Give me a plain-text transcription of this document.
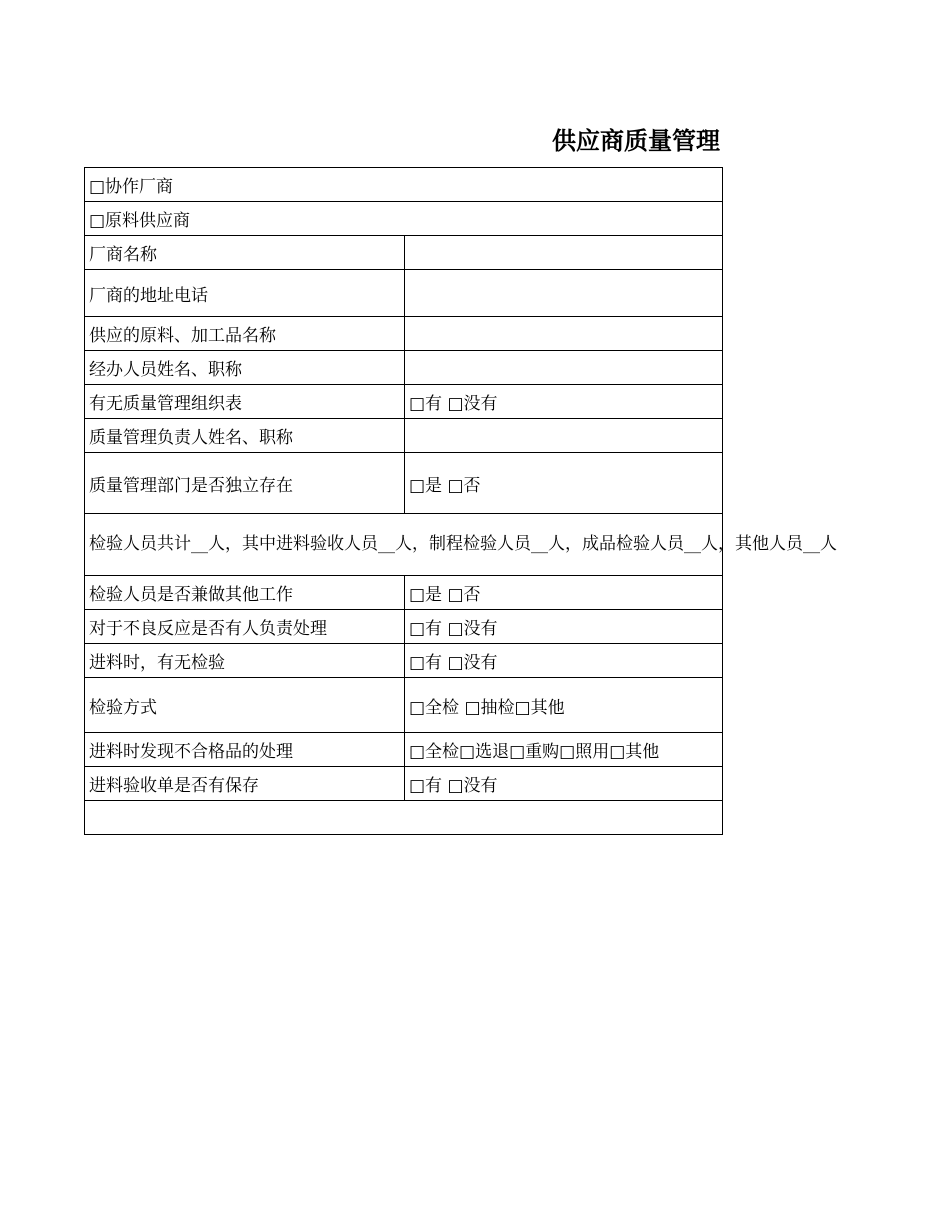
供应商质量管理
□协作厂商	
□原料供应商	
厂商名称	
厂商的地址电话	
供应的原料、加工品名称	
经办人员姓名、职称	
有无质量管理组织表	□有 □没有
质量管理负责人姓名、职称	
质量管理部门是否独立存在	□是 □否
检验人员共计__人，其中进料验收人员__人，制程检验人员__人，成品检验人员__人，其他人员__人	
检验人员是否兼做其他工作	□是 □否
对于不良反应是否有人负责处理	□有 □没有
进料时，有无检验	□有 □没有
检验方式	□全检 □抽检□其他
进料时发现不合格品的处理	□全检□选退□重购□照用□其他
进料验收单是否有保存	□有 □没有
